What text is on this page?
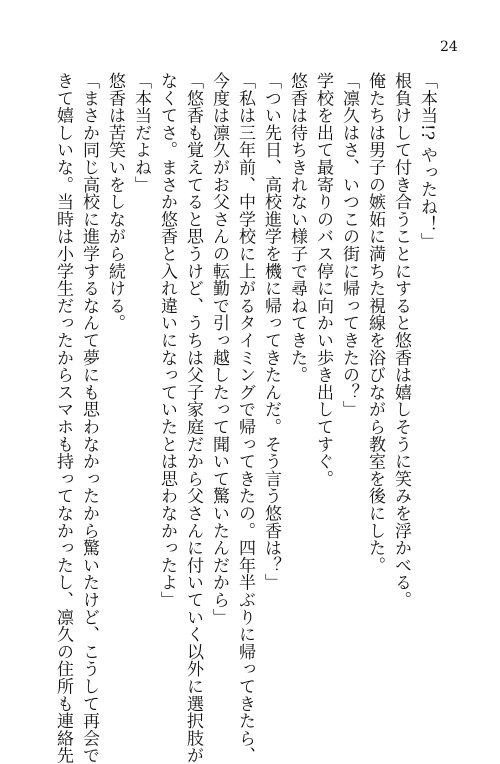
24
「本当!? やったね！」
根負けして付き合うことにすると悠香は嬉しそうに笑みを浮かべる。
俺たちは男子の嫉妬に満ちた視線を浴びながら教室を後にした。
「凛久はさ、いつこの街に帰ってきたの？」
学校を出て最寄りのバス停に向かい歩き出してすぐ。
悠香は待ちきれない様子で尋ねてきた。
「つい先日、高校進学を機に帰ってきたんだ。そう言う悠香は？」
「私は三年前、中学校に上がるタイミングで帰ってきたの。四年半ぶりに帰ってきたら、
今度は凛久がお父さんの転勤で引っ越したって聞いて驚いたんだから」
「悠香も覚えてると思うけど、うちは父子家庭だから父さんに付いていく以外に選択肢が
なくてさ。まさか悠香と入れ違いになっていたとは思わなかったよ」
「本当だよね」
悠香は苦笑いをしながら続ける。
「まさか同じ高校に進学するなんて夢にも思わなかったから驚いたけど、こうして再会で
きて嬉しいな。当時は小学生だったからスマホも持ってなかったし、凛久の住所も連絡先
